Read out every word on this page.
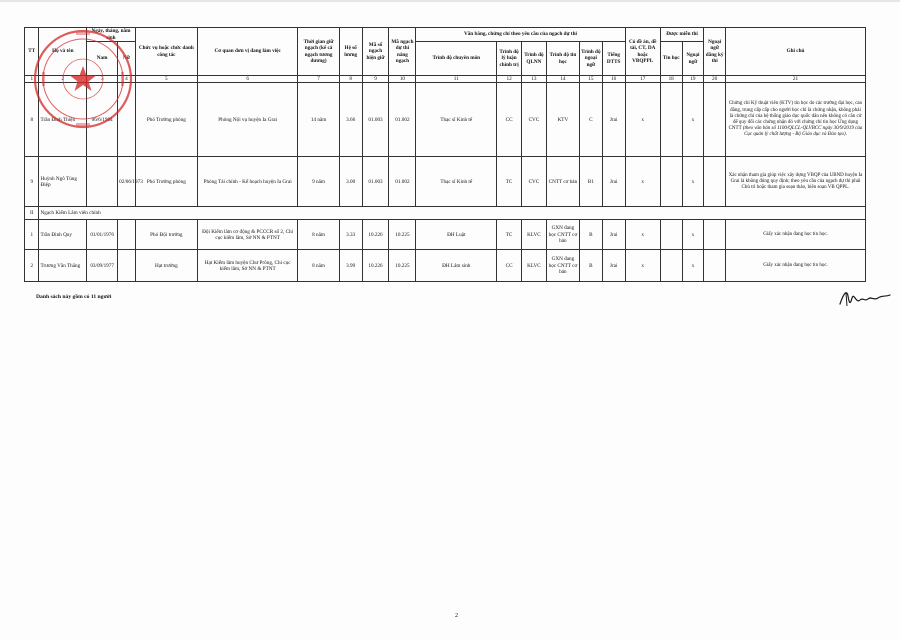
TT	Họ và tên	Ngày, tháng, năm sinh		Chức vụ hoặc chức danh công tác	Cơ quan đơn vị đang làm việc	Thời gian giữ ngạch (kể cả ngạch tương đương)	Hệ số lương	Mã số ngạch hiện giữ	Mã ngạch dự thi nâng ngạch	Văn bằng, chứng chỉ theo yêu cầu của ngạch dự thi						Có đề án, đề tài, CT, DA hoặc VBQPPL	Được miễn thi		Ngoại ngữ đăng ký thi	Ghi chú
		Nam	Nữ							Trình độ chuyên môn	Trình độ lý luận chính trị	Trình độ QLNN	Trình độ tin học	Trình độ ngoại ngữ	Tiếng DTTS		Tin học	Ngoại ngữ		
1	2	3	4	5	6	7	8	9	10	11	12	13	14	15	16	17	18	19	20	21
8	Trần Đình Thiện	06/6/1984		Phó Trưởng phòng	Phòng Nội vụ huyện Ia Grai	14 năm	3.66	01.003	01.002	Thạc sĩ Kinh tế	CC	CVC	KTV	C	Jrai	x		x		Chứng chỉ Kỹ thuật viên (KTV) tin học do các trường đại học, cao đẳng, trung cấp cấp cho người học chỉ là chứng nhận, không phải là chứng chỉ của hệ thống giáo dục quốc dân nên không có căn cứ để quy đổi các chứng nhận đó với chứng chỉ tin học Ứng dụng CNTT (theo văn bản số 1100/QLCL-QLVBCC ngày 30/9/2019 của Cục quản lý chất lượng - Bộ Giáo dục và Đào tạo).
9	Huỳnh Ngô Tùng Điệp		02/06/1973	Phó Trưởng phòng	Phòng Tài chính - Kế hoạch huyện Ia Grai	9 năm	3.00	01.003	01.002	Thạc sĩ Kinh tế	TC	CVC	CNTT cơ bản	B1	Jrai	x		x		Xác nhận tham gia giúp việc xây dựng VBQP của UBND huyện Ia Grai là không đúng quy định; theo yêu cầu của ngạch dự thi phải Chủ trì hoặc tham gia soạn thảo, biên soạn VB QPPL.
II	Ngạch Kiểm Lâm viên chính																			
1	Trần Đình Quy	01/01/1976		Phó Đội trưởng	Đội Kiểm lâm cơ động & PCCCR số 2, Chi cục kiểm lâm, Sở NN & PTNT	8 năm	3.33	10.226	10.225	ĐH Luật	TC	KLVC	GXN đang học CNTT cơ bản	B	Jrai	x		x		Giấy xác nhận đang học tin học.
2	Trương Văn Thắng	03/09/1977		Hạt trưởng	Hạt Kiểm lâm huyện Chư Prông, Chi cục kiểm lâm, Sở NN & PTNT	8 năm	3.99	10.226	10.225	ĐH Lâm sinh	CC	KLVC	GXN đang học CNTT cơ bản	B	Jrai	x		x		Giấy xác nhận đang học tin học.
Danh sách này gồm có 11 người
2
